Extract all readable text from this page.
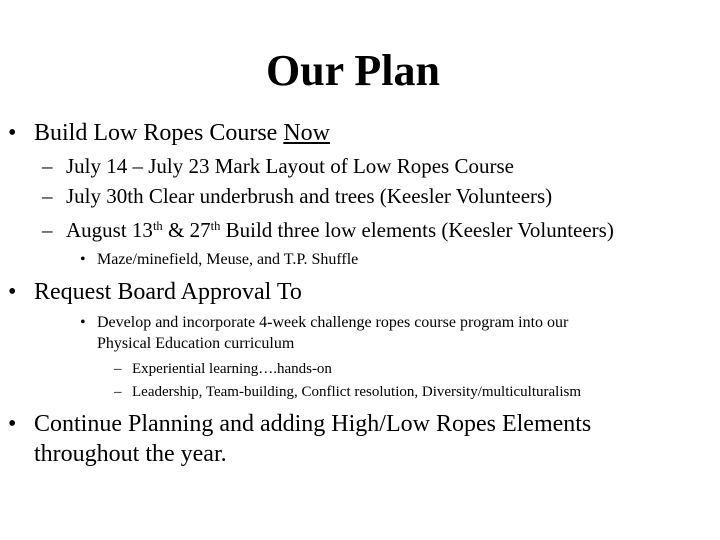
Our Plan
• Build Low Ropes Course Now
– July 14 – July 23 Mark Layout of Low Ropes Course
– July 30th Clear underbrush and trees (Keesler Volunteers)
– August 13th & 27th Build three low elements (Keesler Volunteers)
• Maze/minefield, Meuse, and T.P. Shuffle
• Request Board Approval To
• Develop and incorporate 4-week challenge ropes course program into our
Physical Education curriculum
– Experiential learning….hands-on
– Leadership, Team-building, Conflict resolution, Diversity/multiculturalism
• Continue Planning and adding High/Low Ropes Elements
throughout the year.
